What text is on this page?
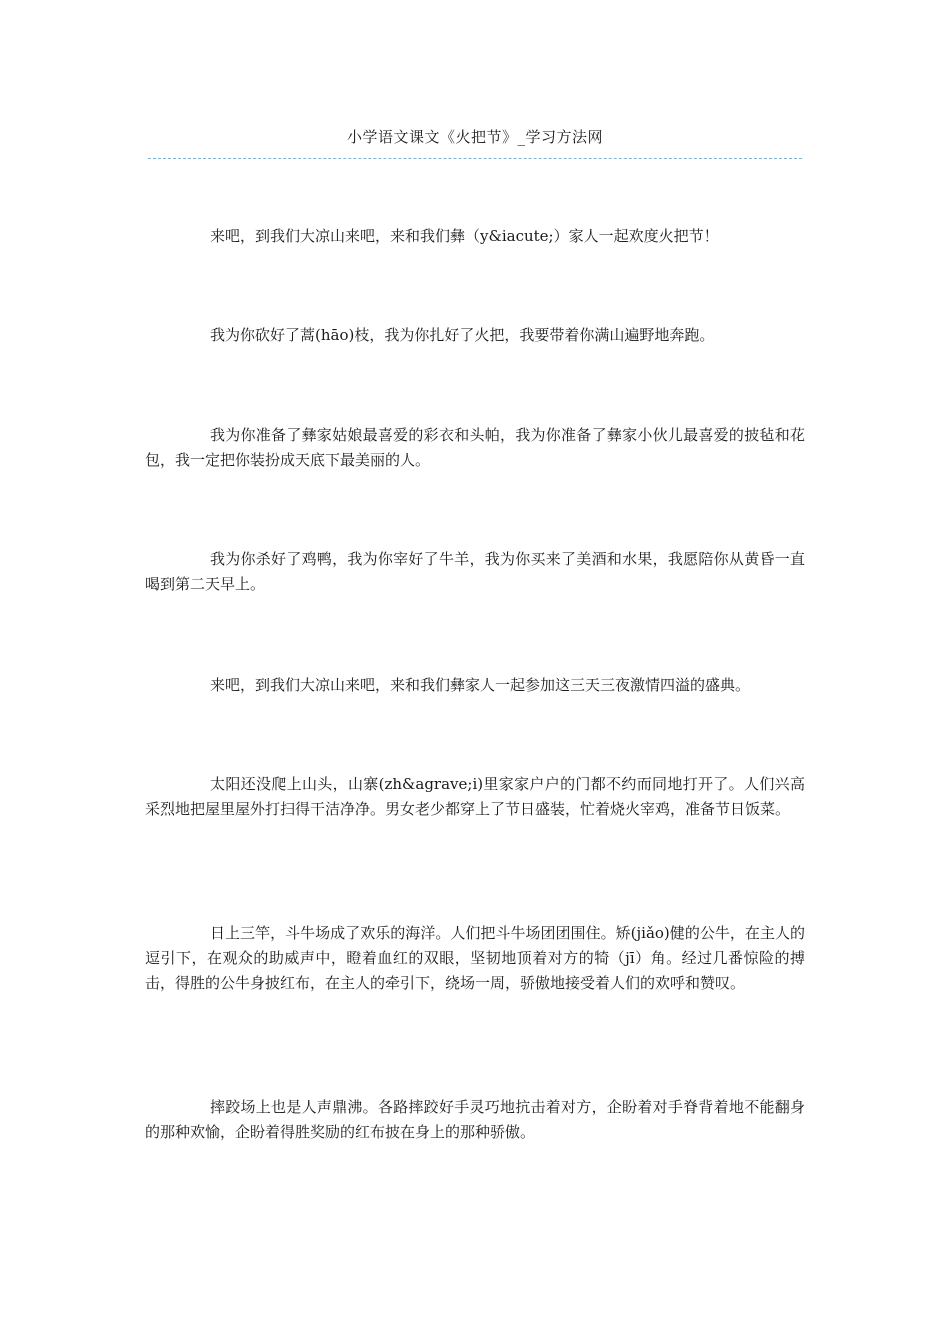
小学语文课文《火把节》_学习方法网

来吧，到我们大凉山来吧，来和我们彝（y&iacute;）家人一起欢度火把节！

我为你砍好了蒿(hāo)枝，我为你扎好了火把，我要带着你满山遍野地奔跑。

我为你准备了彝家姑娘最喜爱的彩衣和头帕，我为你准备了彝家小伙儿最喜爱的披毡和花包，我一定把你装扮成天底下最美丽的人。

我为你杀好了鸡鸭，我为你宰好了牛羊，我为你买来了美酒和水果，我愿陪你从黄昏一直喝到第二天早上。

来吧，到我们大凉山来吧，来和我们彝家人一起参加这三天三夜激情四溢的盛典。

太阳还没爬上山头，山寨(zh&agrave;i)里家家户户的门都不约而同地打开了。人们兴高采烈地把屋里屋外打扫得干洁净净。男女老少都穿上了节日盛装，忙着烧火宰鸡，准备节日饭菜。

日上三竿，斗牛场成了欢乐的海洋。人们把斗牛场团团围住。矫(jiǎo)健的公牛，在主人的逗引下，在观众的助威声中，瞪着血红的双眼，坚韧地顶着对方的犄（jī）角。经过几番惊险的搏击，得胜的公牛身披红布，在主人的牵引下，绕场一周，骄傲地接受着人们的欢呼和赞叹。

摔跤场上也是人声鼎沸。各路摔跤好手灵巧地抗击着对方，企盼着对手脊背着地不能翻身的那种欢愉，企盼着得胜奖励的红布披在身上的那种骄傲。
